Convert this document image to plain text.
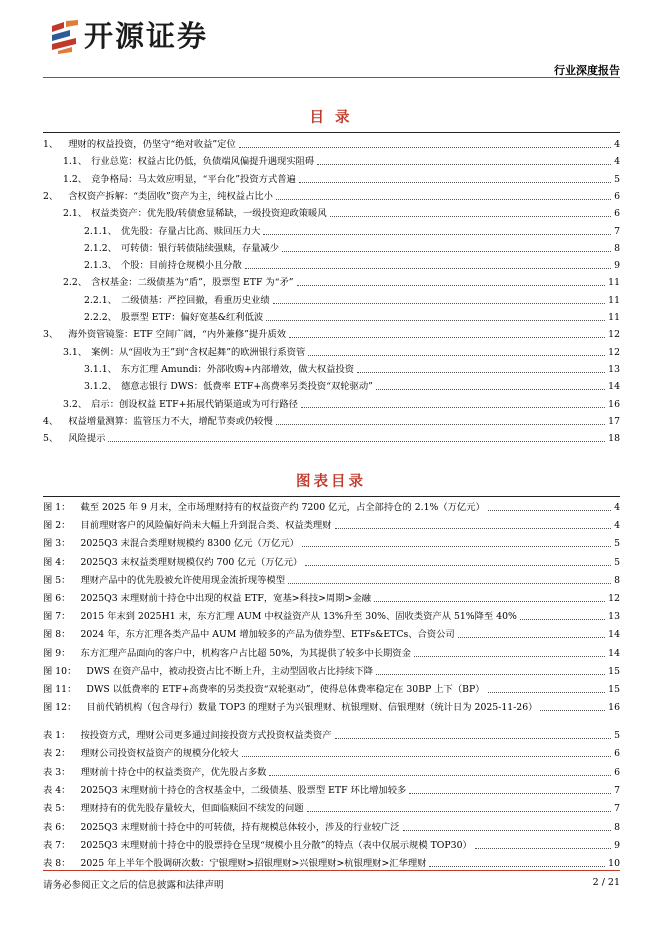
开源证券
行业深度报告
目 录
1、 理财的权益投资，仍坚守“绝对收益”定位	4
1.1、 行业总览：权益占比仍低，负债端风偏提升遇现实阻碍	4
1.2、 竞争格局：马太效应明显，“平台化”投资方式普遍	5
2、 含权资产拆解：“类固收”资产为主，纯权益占比小	6
2.1、 权益类资产：优先股/转债愈显稀缺，一级投资迎政策暖风	6
2.1.1、 优先股：存量占比高、赎回压力大	7
2.1.2、 可转债：银行转债陆续强赎，存量减少	8
2.1.3、 个股：目前持仓规模小且分散	9
2.2、 含权基金：二级债基为“盾”，股票型 ETF 为“矛”	11
2.2.1、 二级债基：严控回撤，看重历史业绩	11
2.2.2、 股票型 ETF：偏好宽基&红利低波	11
3、 海外资管镜鉴：ETF 空间广阔，“内外兼修”提升质效	12
3.1、 案例：从“固收为王”到“含权起舞”的欧洲银行系资管	12
3.1.1、 东方汇理 Amundi：外部收购+内部增效，做大权益投资	13
3.1.2、 德意志银行 DWS：低费率 ETF+高费率另类投资“双轮驱动”	14
3.2、 启示：创设权益 ETF+拓展代销渠道或为可行路径	16
4、 权益增量测算：监管压力不大，增配节奏或仍较慢	17
5、 风险提示	18
图表目录
图 1： 截至 2025 年 9 月末，全市场理财持有的权益资产约 7200 亿元，占全部持仓的 2.1%（万亿元）	4
图 2： 目前理财客户的风险偏好尚未大幅上升到混合类、权益类理财	4
图 3： 2025Q3 末混合类理财规模约 8300 亿元（万亿元）	5
图 4： 2025Q3 末权益类理财规模仅约 700 亿元（万亿元）	5
图 5： 理财产品中的优先股被允许使用现金流折现等模型	8
图 6： 2025Q3 末理财前十持仓中出现的权益 ETF，宽基>科技>周期>金融	12
图 7： 2015 年末到 2025H1 末，东方汇理 AUM 中权益资产从 13%升至 30%、固收类资产从 51%降至 40%	13
图 8： 2024 年，东方汇理各类产品中 AUM 增加较多的产品为债券型、ETFs&ETCs、合资公司	14
图 9： 东方汇理产品面向的客户中，机构客户占比超 50%，为其提供了较多中长期资金	14
图 10： DWS 在资产品中，被动投资占比不断上升，主动型固收占比持续下降	15
图 11： DWS 以低费率的 ETF+高费率的另类投资“双轮驱动”，使得总体费率稳定在 30BP 上下（BP）	15
图 12： 目前代销机构（包含母行）数量 TOP3 的理财子为兴银理财、杭银理财、信银理财（统计日为 2025-11-26）	16
表 1： 按投资方式，理财公司更多通过间接投资方式投资权益类资产	5
表 2： 理财公司投资权益资产的规模分化较大	6
表 3： 理财前十持仓中的权益类资产，优先股占多数	6
表 4： 2025Q3 末理财前十持仓的含权基金中，二级债基、股票型 ETF 环比增加较多	7
表 5： 理财持有的优先股存量较大，但面临赎回不续发的问题	7
表 6： 2025Q3 末理财前十持仓中的可转债，持有规模总体较小，涉及的行业较广泛	8
表 7： 2025Q3 末理财前十持仓中的股票持仓呈现“规模小且分散”的特点（表中仅展示规模 TOP30）	9
表 8： 2025 年上半年个股调研次数：宁银理财>招银理财>兴银理财>杭银理财>汇华理财	10
请务必参阅正文之后的信息披露和法律声明	2 / 21
